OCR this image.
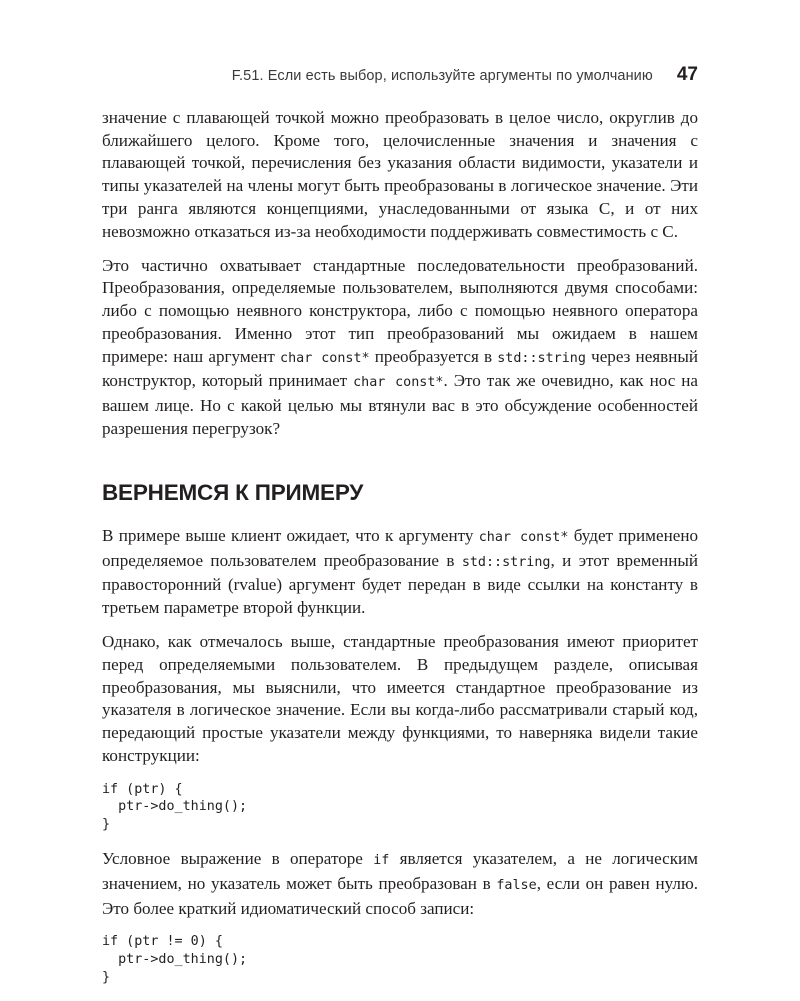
F.51. Если есть выбор, используйте аргументы по умолчанию 47

значение с плавающей точкой можно преобразовать в целое число, округлив до ближайшего целого. Кроме того, целочисленные значения и значения с плавающей точкой, перечисления без указания области видимости, указатели и типы указателей на члены могут быть преобразованы в логическое значение. Эти три ранга являются концепциями, унаследованными от языка С, и от них невозможно отказаться из-за необходимости поддерживать совместимость с С.

Это частично охватывает стандартные последовательности преобразований. Преобразования, определяемые пользователем, выполняются двумя способами: либо с помощью неявного конструктора, либо с помощью неявного оператора преобразования. Именно этот тип преобразований мы ожидаем в нашем примере: наш аргумент char const* преобразуется в std::string через неявный конструктор, который принимает char const*. Это так же очевидно, как нос на вашем лице. Но с какой целью мы втянули вас в это обсуждение особенностей разрешения перегрузок?

ВЕРНЕМСЯ К ПРИМЕРУ

В примере выше клиент ожидает, что к аргументу char const* будет применено определяемое пользователем преобразование в std::string, и этот временный правосторонний (rvalue) аргумент будет передан в виде ссылки на константу в третьем параметре второй функции.

Однако, как отмечалось выше, стандартные преобразования имеют приоритет перед определяемыми пользователем. В предыдущем разделе, описывая преобразования, мы выяснили, что имеется стандартное преобразование из указателя в логическое значение. Если вы когда-либо рассматривали старый код, передающий простые указатели между функциями, то наверняка видели такие конструкции:

if (ptr) {
ptr->do_thing();
}

Условное выражение в операторе if является указателем, а не логическим значением, но указатель может быть преобразован в false, если он равен нулю. Это более краткий идиоматический способ записи:

if (ptr != 0) {
ptr->do_thing();
}
